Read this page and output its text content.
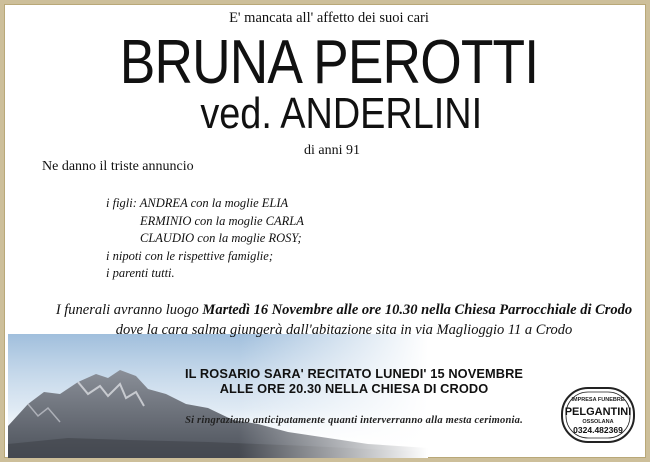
E' mancata all' affetto dei suoi cari
BRUNA PEROTTI
ved. ANDERLINI
di anni 91
Ne danno il triste annuncio
i figli: ANDREA con la moglie ELIA
ERMINIO con la moglie CARLA
CLAUDIO con la moglie ROSY;
i nipoti con le rispettive famiglie;
i parenti tutti.
I funerali avranno luogo Martedì 16 Novembre alle ore 10.30 nella Chiesa Parrocchiale di Crodo dove la cara salma giungerà dall'abitazione sita in via Maglioggio 11 a Crodo
IL ROSARIO SARA' RECITATO LUNEDI' 15 NOVEMBRE
ALLE ORE 20.30 NELLA CHIESA DI CRODO
Si ringraziano anticipatamente quanti interverranno alla mesta cerimonia.
IMPRESA FUNEBRE
PELGANTINI
OSSOLANA
0324.482369
